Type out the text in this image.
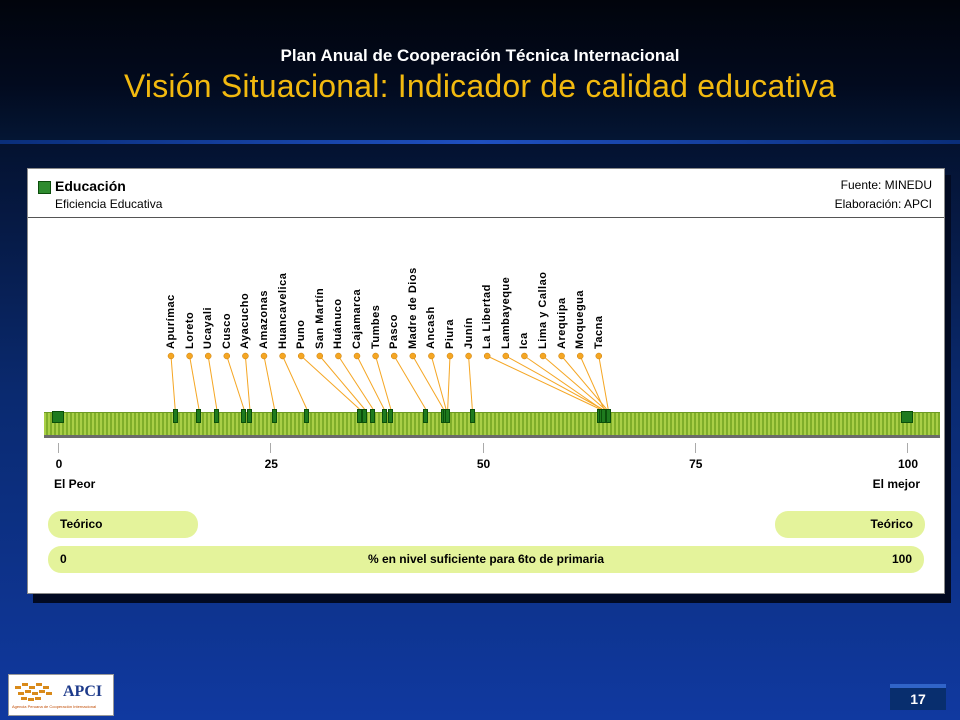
Plan Anual de Cooperación Técnica Internacional
Visión Situacional: Indicador de calidad educativa
Educación
Eficiencia Educativa
Fuente: MINEDU
Elaboración: APCI
Apurímac Loreto Ucayali Cusco Ayacucho Amazonas Huancavelica Puno San Martín Huánuco Cajamarca Tumbes Pasco Madre de Dios Ancash Piura Junín La Libertad Lambayeque Ica Lima y Callao Arequipa Moquegua Tacna
0	25	50	75	100
El Peor	El mejor
Teórico	Teórico
0	% en nivel suficiente para 6to de primaria	100
APCI
Agencia Peruana de Cooperación Internacional	17
